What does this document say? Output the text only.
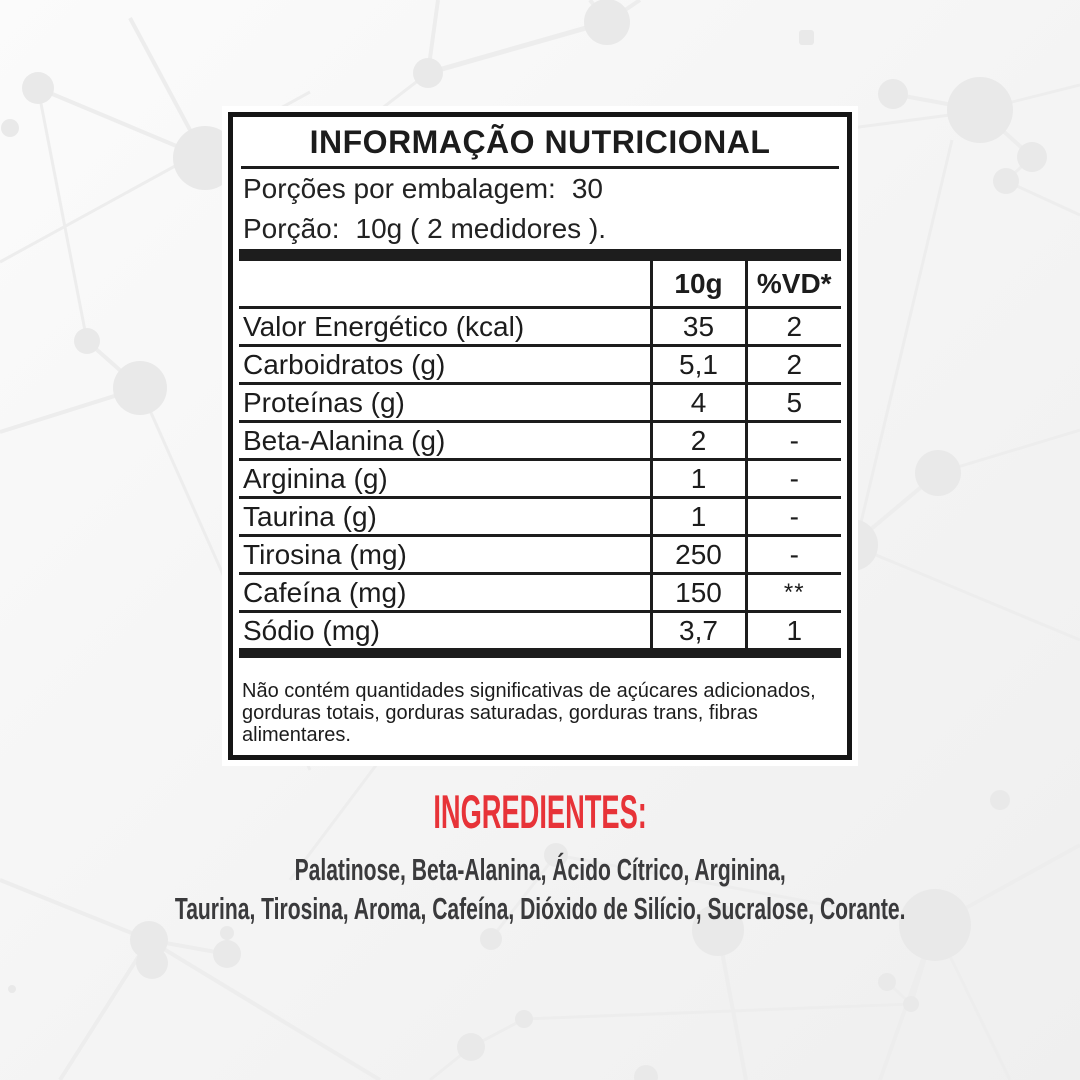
INFORMAÇÃO NUTRICIONAL
Porções por embalagem: 30
Porção: 10g ( 2 medidores ).
	10g	%VD*
Valor Energético (kcal)	35	2
Carboidratos (g)	5,1	2
Proteínas (g)	4	5
Beta-Alanina (g)	2	-
Arginina (g)	1	-
Taurina (g)	1	-
Tirosina (mg)	250	-
Cafeína (mg)	150	**
Sódio (mg)	3,7	1

Não contém quantidades significativas de açúcares adicionados,
gorduras totais, gorduras saturadas, gorduras trans, fibras alimentares.

INGREDIENTES:

Palatinose, Beta-Alanina, Ácido Cítrico, Arginina,

Taurina, Tirosina, Aroma, Cafeína, Dióxido de Silício, Sucralose, Corante.
